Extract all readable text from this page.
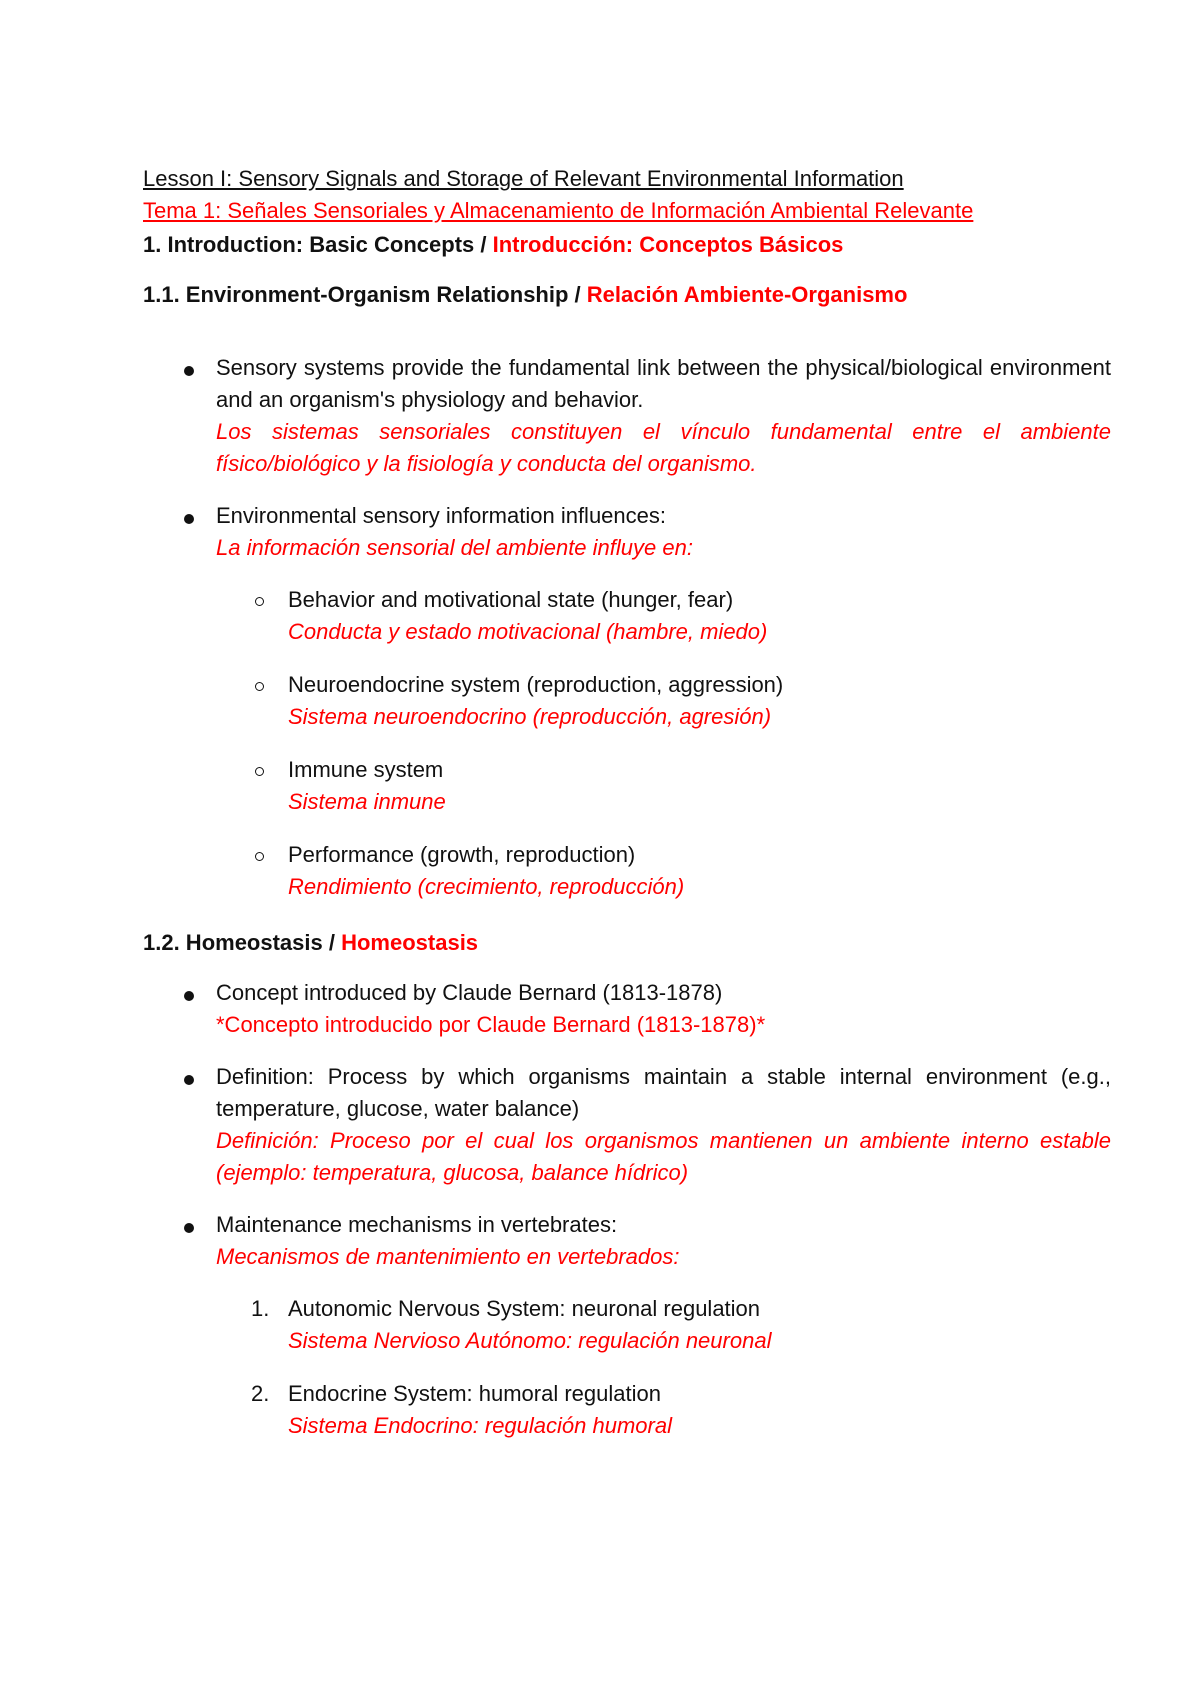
Lesson I: Sensory Signals and Storage of Relevant Environmental Information
Tema 1: Señales Sensoriales y Almacenamiento de Información Ambiental Relevante
1. Introduction: Basic Concepts / Introducción: Conceptos Básicos
1.1. Environment-Organism Relationship / Relación Ambiente-Organismo
Sensory systems provide the fundamental link between the physical/biological environment and an organism's physiology and behavior.
Los sistemas sensoriales constituyen el vínculo fundamental entre el ambiente físico/biológico y la fisiología y conducta del organismo.
Environmental sensory information influences:
La información sensorial del ambiente influye en:
Behavior and motivational state (hunger, fear)
Conducta y estado motivacional (hambre, miedo)
Neuroendocrine system (reproduction, aggression)
Sistema neuroendocrino (reproducción, agresión)
Immune system
Sistema inmune
Performance (growth, reproduction)
Rendimiento (crecimiento, reproducción)
1.2. Homeostasis / Homeostasis
Concept introduced by Claude Bernard (1813-1878)
*Concepto introducido por Claude Bernard (1813-1878)*
Definition: Process by which organisms maintain a stable internal environment (e.g., temperature, glucose, water balance)
Definición: Proceso por el cual los organismos mantienen un ambiente interno estable (ejemplo: temperatura, glucosa, balance hídrico)
Maintenance mechanisms in vertebrates:
Mecanismos de mantenimiento en vertebrados:
1. Autonomic Nervous System: neuronal regulation
Sistema Nervioso Autónomo: regulación neuronal
2. Endocrine System: humoral regulation
Sistema Endocrino: regulación humoral
